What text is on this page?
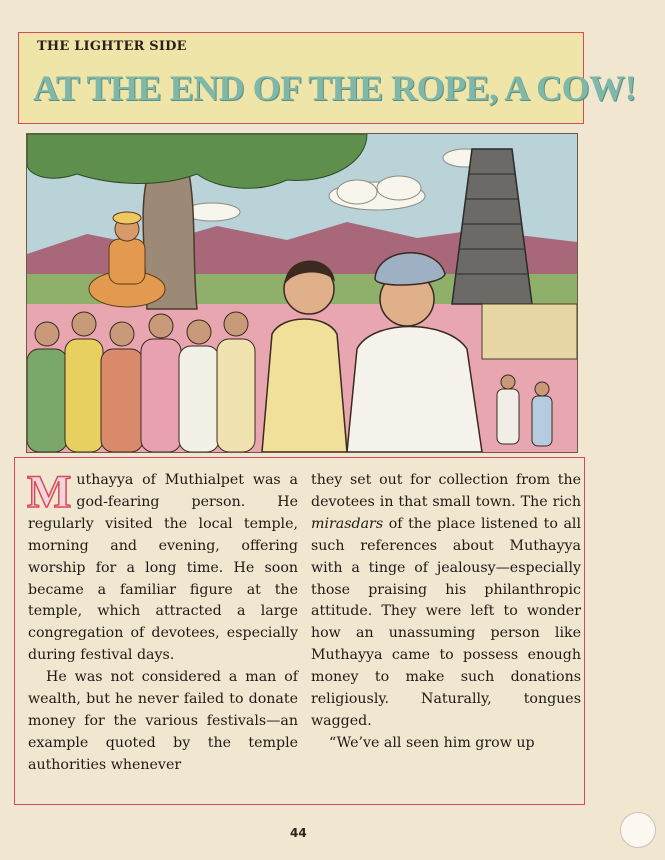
THE LIGHTER SIDE
AT THE END OF THE ROPE, A COW!

Muthayya of Muthialpet was a god-fearing person. He regularly visited the local temple, morning and evening, offering worship for a long time. He soon became a familiar figure at the temple, which attracted a large congregation of devotees, especially during festival days.

He was not considered a man of wealth, but he never failed to donate money for the various festivals—an example quoted by the temple authorities whenever

they set out for collection from the devotees in that small town. The rich mirasdars of the place listened to all such references about Muthayya with a tinge of jealousy—especially those praising his philanthropic attitude. They were left to wonder how an unassuming person like Muthayya came to possess enough money to make such donations religiously. Naturally, tongues wagged.

“We’ve all seen him grow up

44
